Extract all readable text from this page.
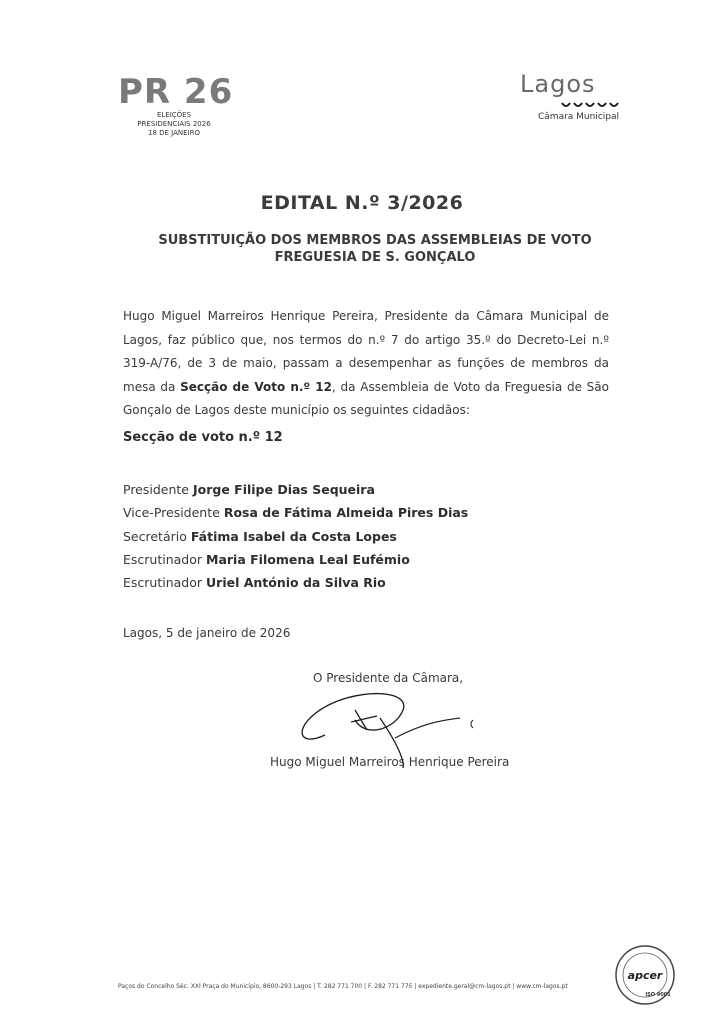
PR 26
ELEIÇÕES
PRESIDENCIAIS 2026
18 DE JANEIRO
Lagos
Câmara Municipal
EDITAL N.º 3/2026
SUBSTITUIÇÃO DOS MEMBROS DAS ASSEMBLEIAS DE VOTO
FREGUESIA DE S. GONÇALO

Hugo Miguel Marreiros Henrique Pereira, Presidente da Câmara Municipal de Lagos, faz público que, nos termos do n.º 7 do artigo 35.º do Decreto-Lei n.º 319-A/76, de 3 de maio, passam a desempenhar as funções de membros da mesa da Secção de Voto n.º 12, da Assembleia de Voto da Freguesia de São Gonçalo de Lagos deste município os seguintes cidadãos:

Secção de voto n.º 12
Presidente Jorge Filipe Dias Sequeira
Vice-Presidente Rosa de Fátima Almeida Pires Dias
Secretário Fátima Isabel da Costa Lopes
Escrutinador Maria Filomena Leal Eufémio
Escrutinador Uriel António da Silva Rio
Lagos, 5 de janeiro de 2026
O Presidente da Câmara,
Hugo Miguel Marreiros Henrique Pereira
Paços do Concelho Séc. XXI Praça do Município, 8600-293 Lagos | T. 282 771 700 | F. 282 771 775 | expediente.geral@cm-lagos.pt | www.cm-lagos.pt
apcer
ISO 9001
